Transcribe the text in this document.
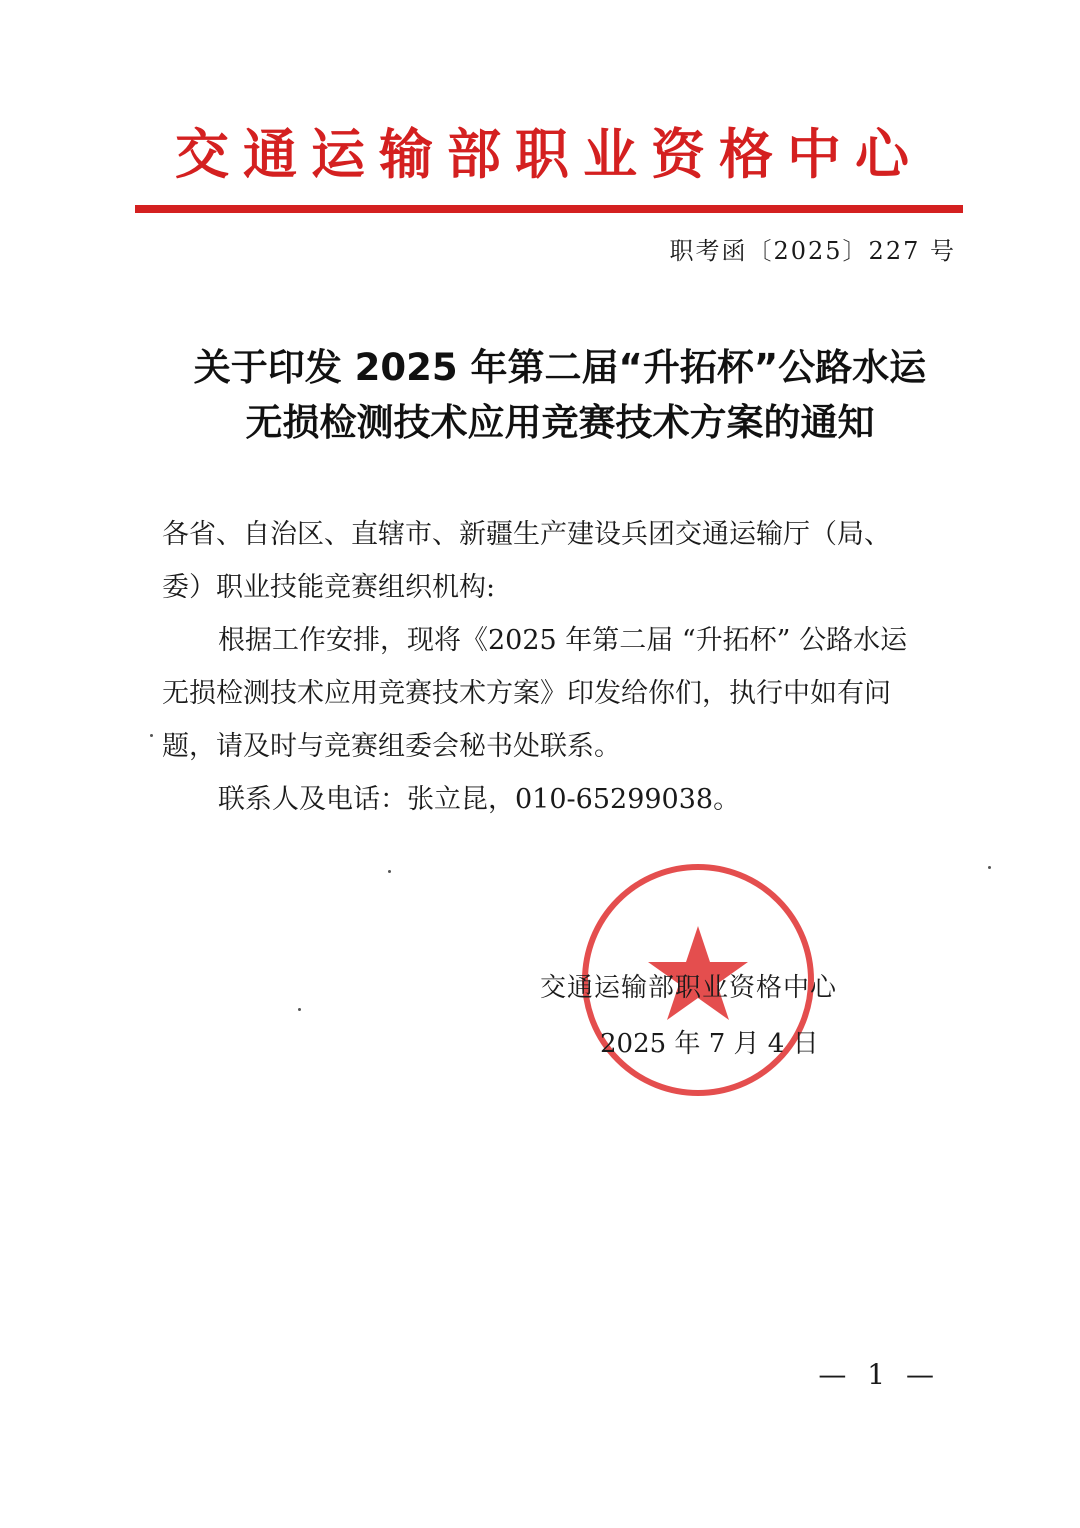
交通运输部职业资格中心
职考函〔2025〕227 号
关于印发 2025 年第二届“升拓杯”公路水运
无损检测技术应用竞赛技术方案的通知
各省、自治区、直辖市、新疆生产建设兵团交通运输厅（局、
委）职业技能竞赛组织机构:
根据工作安排，现将《2025 年第二届 “升拓杯” 公路水运
无损检测技术应用竞赛技术方案》印发给你们，执行中如有问
题，请及时与竞赛组委会秘书处联系。
联系人及电话：张立昆，010-65299038。
交通运输部职业资格中心
2025 年 7 月 4 日
— 1 —
